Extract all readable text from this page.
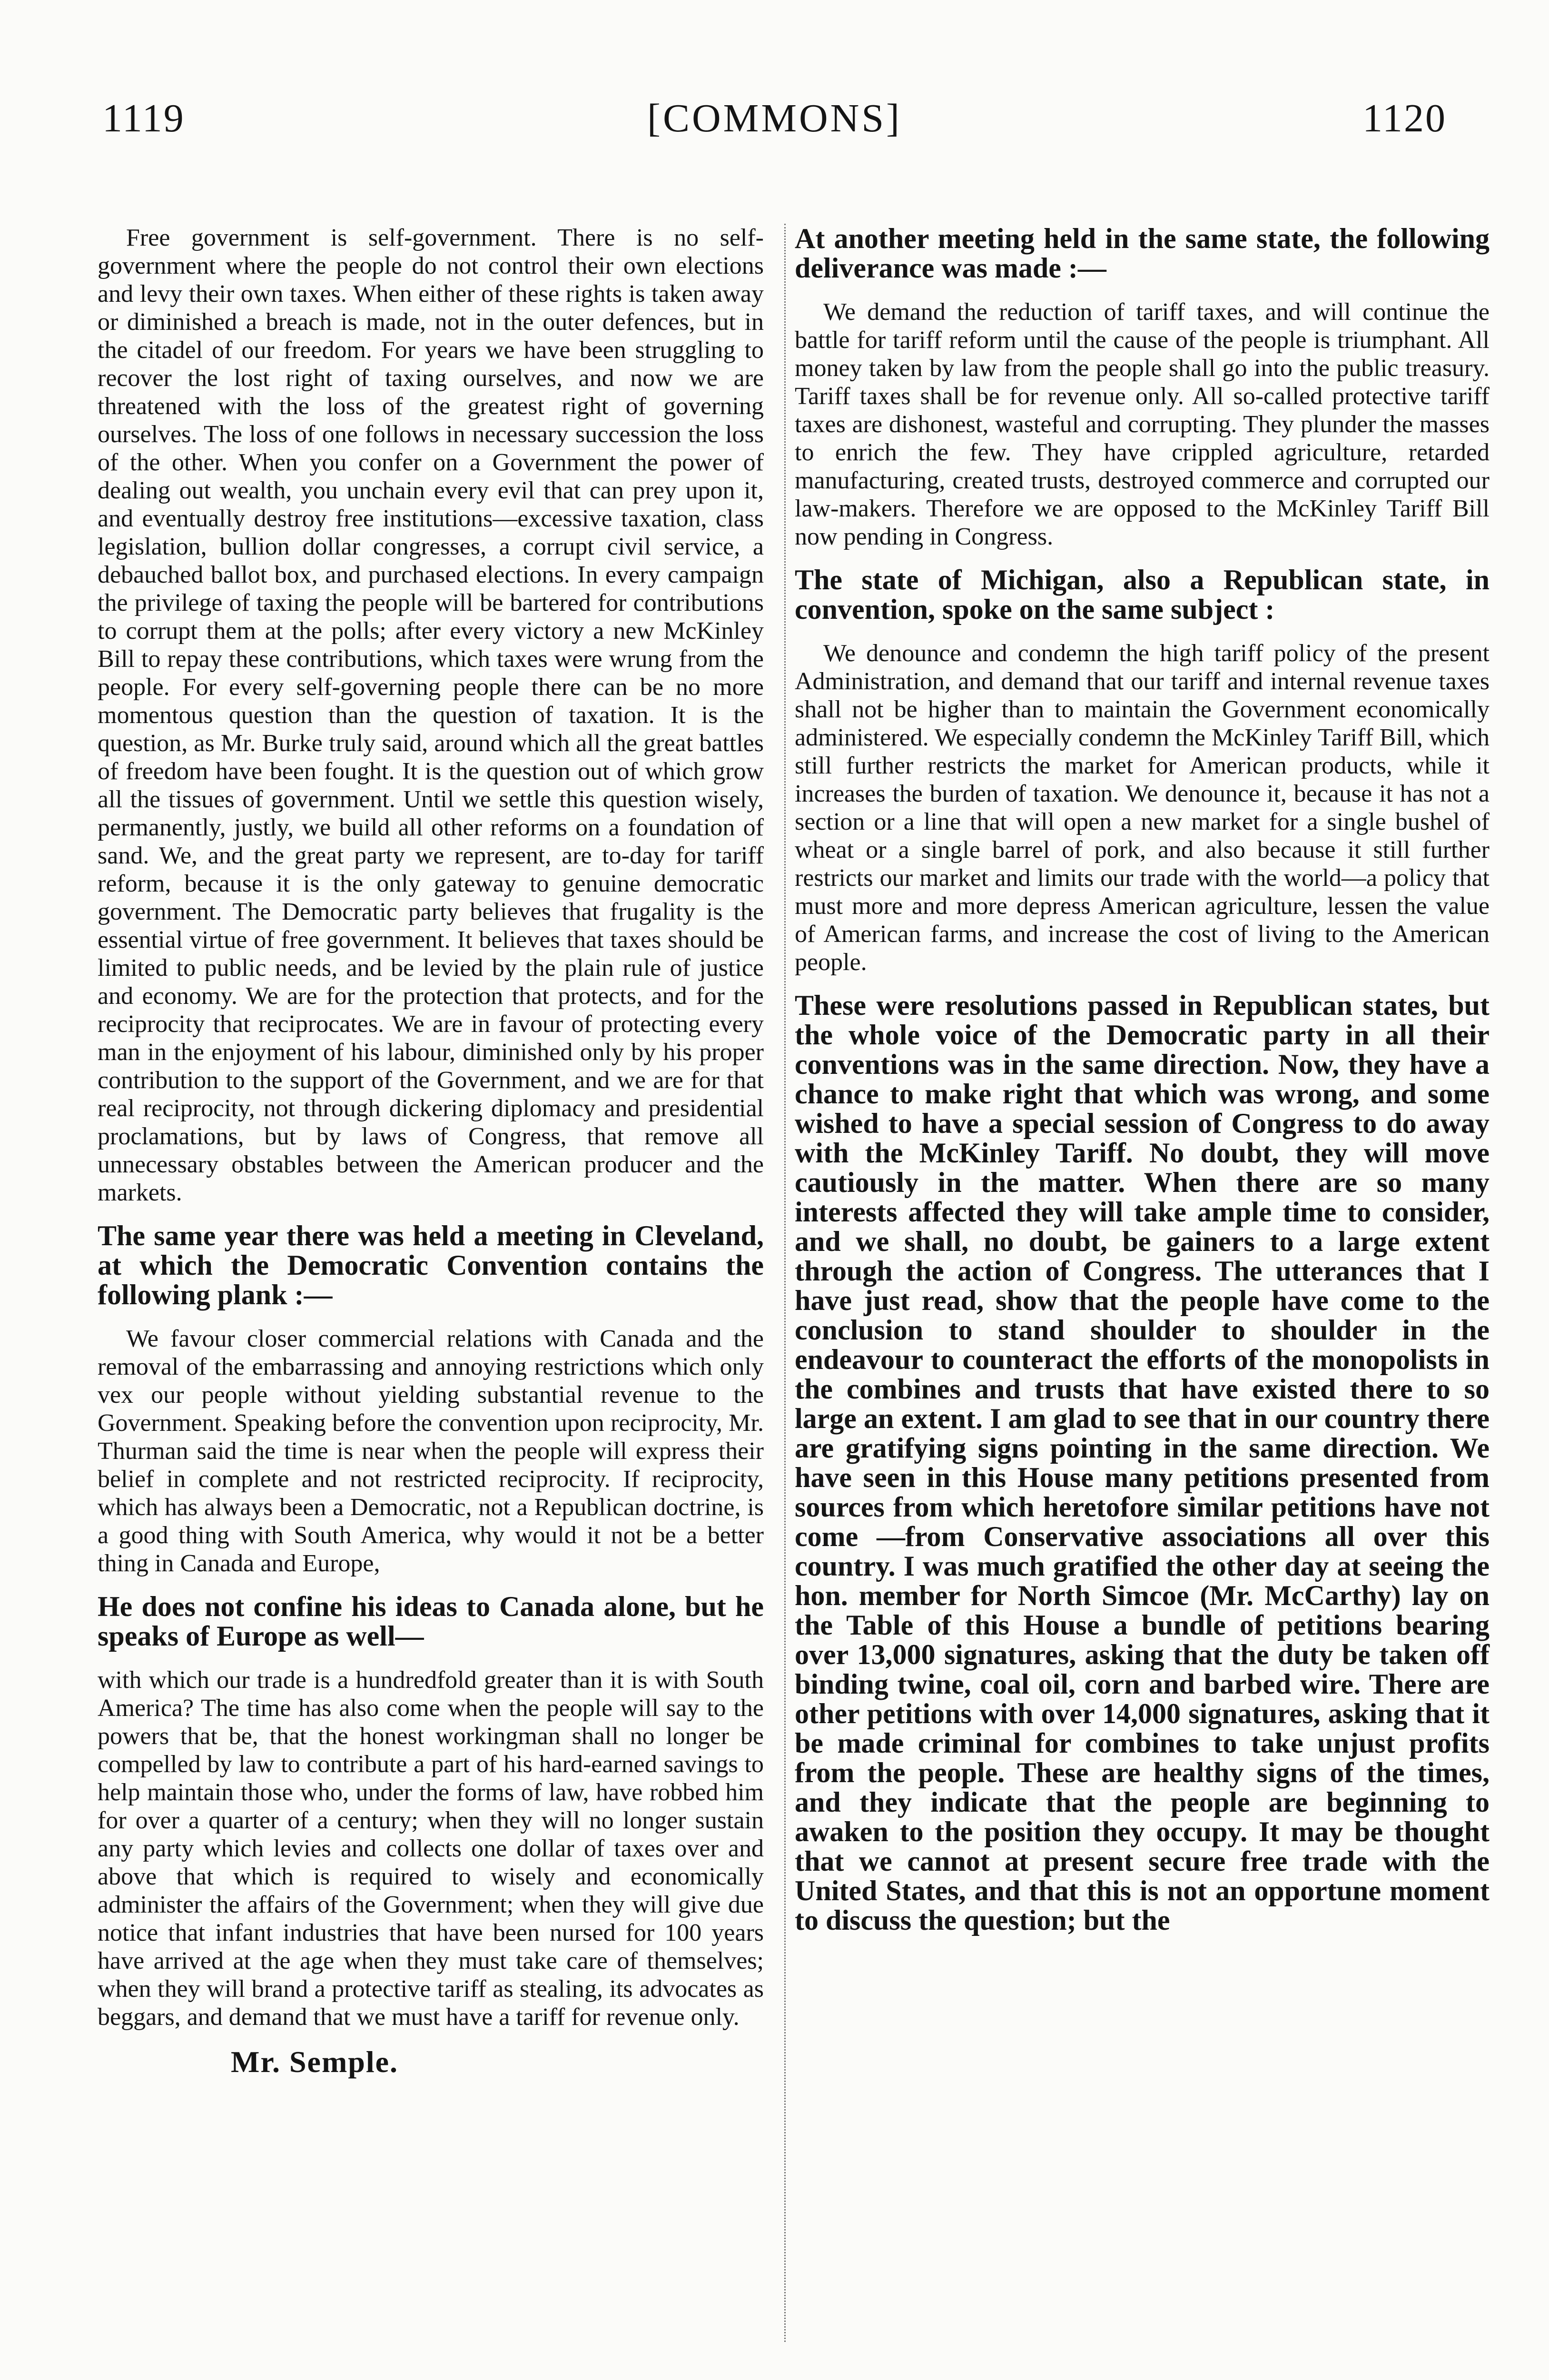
1119	[COMMONS]	1120

Free government is self-government. There is no self-government where the people do not control their own elections and levy their own taxes. When either of these rights is taken away or diminished a breach is made, not in the outer defences, but in the citadel of our freedom. For years we have been struggling to recover the lost right of taxing ourselves, and now we are threatened with the loss of the greatest right of governing ourselves. The loss of one follows in necessary succession the loss of the other. When you confer on a Government the power of dealing out wealth, you unchain every evil that can prey upon it, and eventually destroy free institutions—excessive taxation, class legislation, bullion dollar congresses, a corrupt civil service, a debauched ballot box, and purchased elections. In every campaign the privilege of taxing the people will be bartered for contributions to corrupt them at the polls; after every victory a new McKinley Bill to repay these contributions, which taxes were wrung from the people. For every self-governing people there can be no more momentous question than the question of taxation. It is the question, as Mr. Burke truly said, around which all the great battles of freedom have been fought. It is the question out of which grow all the tissues of government. Until we settle this question wisely, permanently, justly, we build all other reforms on a foundation of sand. We, and the great party we represent, are to-day for tariff reform, because it is the only gateway to genuine democratic government. The Democratic party believes that frugality is the essential virtue of free government. It believes that taxes should be limited to public needs, and be levied by the plain rule of justice and economy. We are for the protection that protects, and for the reciprocity that reciprocates. We are in favour of protecting every man in the enjoyment of his labour, diminished only by his proper contribution to the support of the Government, and we are for that real reciprocity, not through dickering diplomacy and presidential proclamations, but by laws of Congress, that remove all unnecessary obstables between the American producer and the markets.

The same year there was held a meeting in Cleveland, at which the Democratic Convention contains the following plank :—

We favour closer commercial relations with Canada and the removal of the embarrassing and annoying restrictions which only vex our people without yielding substantial revenue to the Government. Speaking before the convention upon reciprocity, Mr. Thurman said the time is near when the people will express their belief in complete and not restricted reciprocity. If reciprocity, which has always been a Democratic, not a Republican doctrine, is a good thing with South America, why would it not be a better thing in Canada and Europe,

He does not confine his ideas to Canada alone, but he speaks of Europe as well—

with which our trade is a hundredfold greater than it is with South America? The time has also come when the people will say to the powers that be, that the honest workingman shall no longer be compelled by law to contribute a part of his hard-earned savings to help maintain those who, under the forms of law, have robbed him for over a quarter of a century; when they will no longer sustain any party which levies and collects one dollar of taxes over and above that which is required to wisely and economically administer the affairs of the Government; when they will give due notice that infant industries that have been nursed for 100 years have arrived at the age when they must take care of themselves; when they will brand a protective tariff as stealing, its advocates as beggars, and demand that we must have a tariff for revenue only.

Mr. Semple.

At another meeting held in the same state, the following deliverance was made :—

We demand the reduction of tariff taxes, and will continue the battle for tariff reform until the cause of the people is triumphant. All money taken by law from the people shall go into the public treasury. Tariff taxes shall be for revenue only. All so-called protective tariff taxes are dishonest, wasteful and corrupting. They plunder the masses to enrich the few. They have crippled agriculture, retarded manufacturing, created trusts, destroyed commerce and corrupted our law-makers. Therefore we are opposed to the McKinley Tariff Bill now pending in Congress.

The state of Michigan, also a Republican state, in convention, spoke on the same subject :

We denounce and condemn the high tariff policy of the present Administration, and demand that our tariff and internal revenue taxes shall not be higher than to maintain the Government economically administered. We especially condemn the McKinley Tariff Bill, which still further restricts the market for American products, while it increases the burden of taxation. We denounce it, because it has not a section or a line that will open a new market for a single bushel of wheat or a single barrel of pork, and also because it still further restricts our market and limits our trade with the world—a policy that must more and more depress American agriculture, lessen the value of American farms, and increase the cost of living to the American people.

These were resolutions passed in Republican states, but the whole voice of the Democratic party in all their conventions was in the same direction. Now, they have a chance to make right that which was wrong, and some wished to have a special session of Congress to do away with the McKinley Tariff. No doubt, they will move cautiously in the matter. When there are so many interests affected they will take ample time to consider, and we shall, no doubt, be gainers to a large extent through the action of Congress. The utterances that I have just read, show that the people have come to the conclusion to stand shoulder to shoulder in the endeavour to counteract the efforts of the monopolists in the combines and trusts that have existed there to so large an extent. I am glad to see that in our country there are gratifying signs pointing in the same direction. We have seen in this House many petitions presented from sources from which heretofore similar petitions have not come —from Conservative associations all over this country. I was much gratified the other day at seeing the hon. member for North Simcoe (Mr. McCarthy) lay on the Table of this House a bundle of petitions bearing over 13,000 signatures, asking that the duty be taken off binding twine, coal oil, corn and barbed wire. There are other petitions with over 14,000 signatures, asking that it be made criminal for combines to take unjust profits from the people. These are healthy signs of the times, and they indicate that the people are beginning to awaken to the position they occupy. It may be thought that we cannot at present secure free trade with the United States, and that this is not an opportune moment to discuss the question; but the
